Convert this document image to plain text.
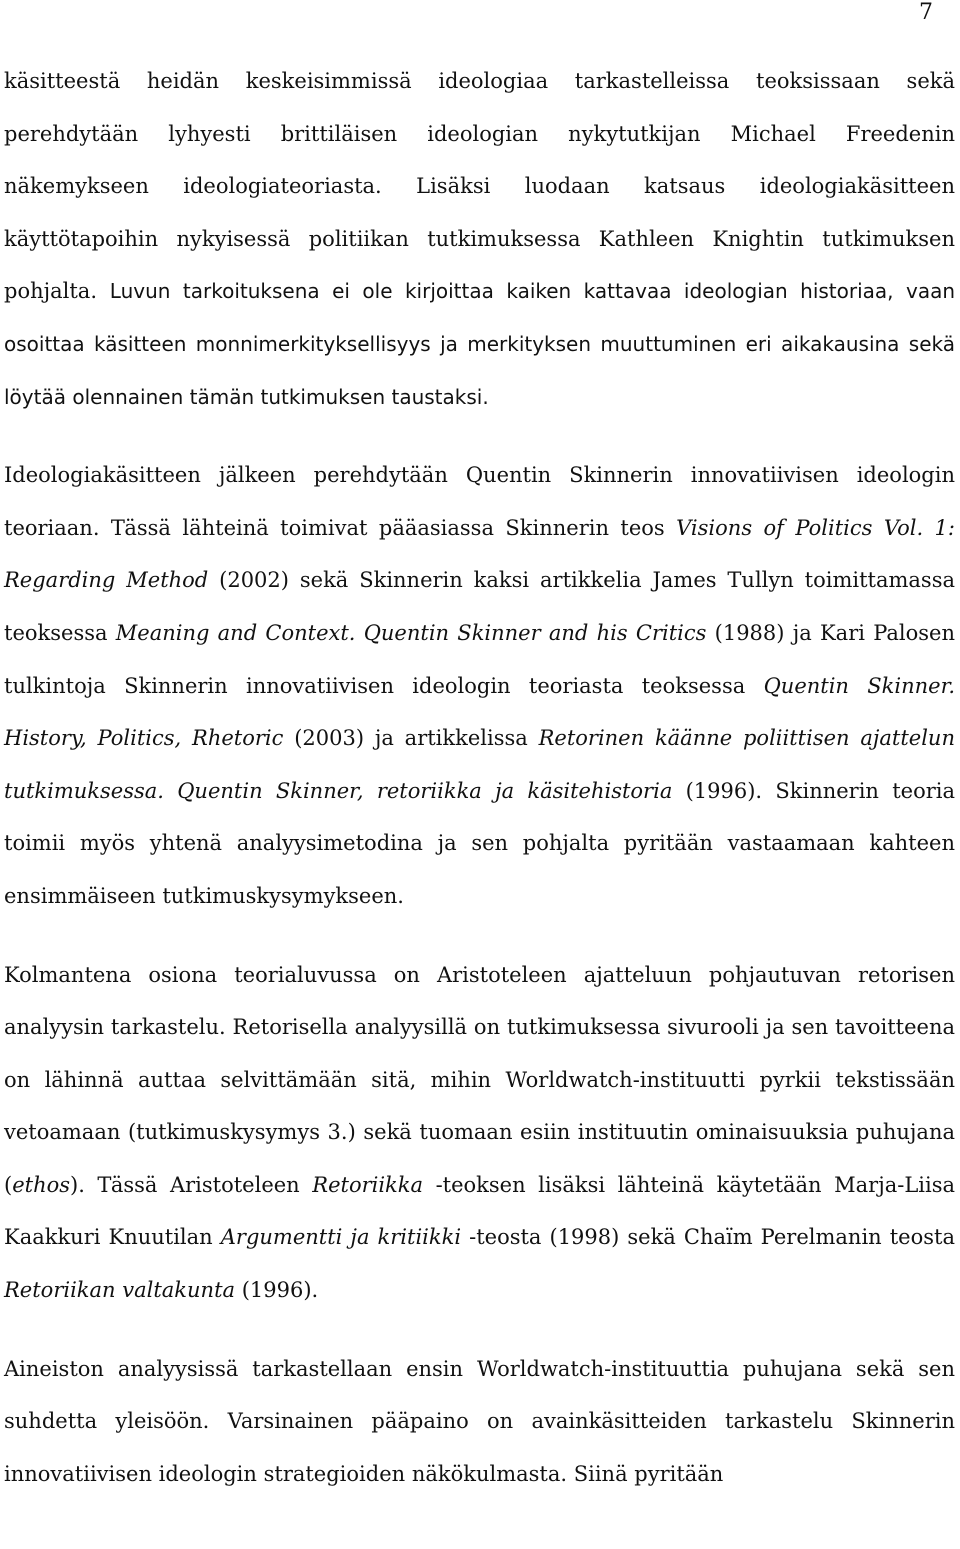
7

käsitteestä heidän keskeisimmissä ideologiaa tarkastelleissa teoksissaan sekä perehdytään lyhyesti brittiläisen ideologian nykytutkijan Michael Freedenin näkemykseen ideologiateoriasta. Lisäksi luodaan katsaus ideologiakäsitteen käyttötapoihin nykyisessä politiikan tutkimuksessa Kathleen Knightin tutkimuksen pohjalta. Luvun tarkoituksena ei ole kirjoittaa kaiken kattavaa ideologian historiaa, vaan osoittaa käsitteen monnimerkityksellisyys ja merkityksen muuttuminen eri aikakausina sekä löytää olennainen tämän tutkimuksen taustaksi.

Ideologiakäsitteen jälkeen perehdytään Quentin Skinnerin innovatiivisen ideologin teoriaan. Tässä lähteinä toimivat pääasiassa Skinnerin teos Visions of Politics Vol. 1: Regarding Method (2002) sekä Skinnerin kaksi artikkelia James Tullyn toimittamassa teoksessa Meaning and Context. Quentin Skinner and his Critics (1988) ja Kari Palosen tulkintoja Skinnerin innovatiivisen ideologin teoriasta teoksessa Quentin Skinner. History, Politics, Rhetoric (2003) ja artikkelissa Retorinen käänne poliittisen ajattelun tutkimuksessa. Quentin Skinner, retoriikka ja käsitehistoria (1996). Skinnerin teoria toimii myös yhtenä analyysimetodina ja sen pohjalta pyritään vastaamaan kahteen ensimmäiseen tutkimuskysymykseen.

Kolmantena osiona teorialuvussa on Aristoteleen ajatteluun pohjautuvan retorisen analyysin tarkastelu. Retorisella analyysillä on tutkimuksessa sivurooli ja sen tavoitteena on lähinnä auttaa selvittämään sitä, mihin Worldwatch-instituutti pyrkii tekstissään vetoamaan (tutkimuskysymys 3.) sekä tuomaan esiin instituutin ominaisuuksia puhujana (ethos). Tässä Aristoteleen Retoriikka -teoksen lisäksi lähteinä käytetään Marja-Liisa Kaakkuri Knuutilan Argumentti ja kritiikki -teosta (1998) sekä Chaïm Perelmanin teosta Retoriikan valtakunta (1996).

Aineiston analyysissä tarkastellaan ensin Worldwatch-instituuttia puhujana sekä sen suhdetta yleisöön. Varsinainen pääpaino on avainkäsitteiden tarkastelu Skinnerin innovatiivisen ideologin strategioiden näkökulmasta. Siinä pyritään
